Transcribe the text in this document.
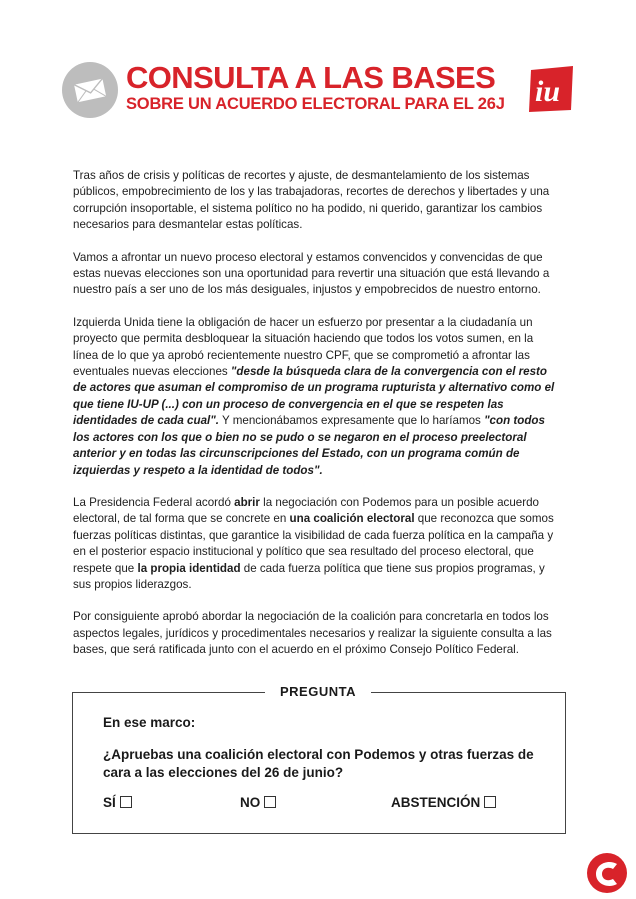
CONSULTA A LAS BASES
SOBRE UN ACUERDO ELECTORAL PARA EL 26J	iu

Tras años de crisis y políticas de recortes y ajuste, de desmantelamiento de los sistemas públicos, empobrecimiento de los y las trabajadoras, recortes de derechos y libertades y una corrupción insoportable, el sistema político no ha podido, ni querido, garantizar los cambios necesarios para desmantelar estas políticas.

Vamos a afrontar un nuevo proceso electoral y estamos convencidos y convencidas de que estas nuevas elecciones son una oportunidad para revertir una situación que está llevando a nuestro país a ser uno de los más desiguales, injustos y empobrecidos de nuestro entorno.

Izquierda Unida tiene la obligación de hacer un esfuerzo por presentar a la ciudadanía un proyecto que permita desbloquear la situación haciendo que todos los votos sumen, en la línea de lo que ya aprobó recientemente nuestro CPF, que se comprometió a afrontar las eventuales nuevas elecciones "desde la búsqueda clara de la convergencia con el resto de actores que asuman el compromiso de un programa rupturista y alternativo como el que tiene IU-UP (...) con un proceso de convergencia en el que se respeten las identidades de cada cual". Y mencionábamos expresamente que lo haríamos "con todos los actores con los que o bien no se pudo o se negaron en el proceso preelectoral anterior y en todas las circunscripciones del Estado, con un programa común de izquierdas y respeto a la identidad de todos".

La Presidencia Federal acordó abrir la negociación con Podemos para un posible acuerdo electoral, de tal forma que se concrete en una coalición electoral que reconozca que somos fuerzas políticas distintas, que garantice la visibilidad de cada fuerza política en la campaña y en el posterior espacio institucional y político que sea resultado del proceso electoral, que respete que la propia identidad de cada fuerza política que tiene sus propios programas, y sus propios liderazgos.

Por consiguiente aprobó abordar la negociación de la coalición para concretarla en todos los aspectos legales, jurídicos y procedimentales necesarios y realizar la siguiente consulta a las bases, que será ratificada junto con el acuerdo en el próximo Consejo Político Federal.

PREGUNTA
En ese marco:
¿Apruebas una coalición electoral con Podemos y otras fuerzas de cara a las elecciones del 26 de junio?
SÍ	NO	ABSTENCIÓN
